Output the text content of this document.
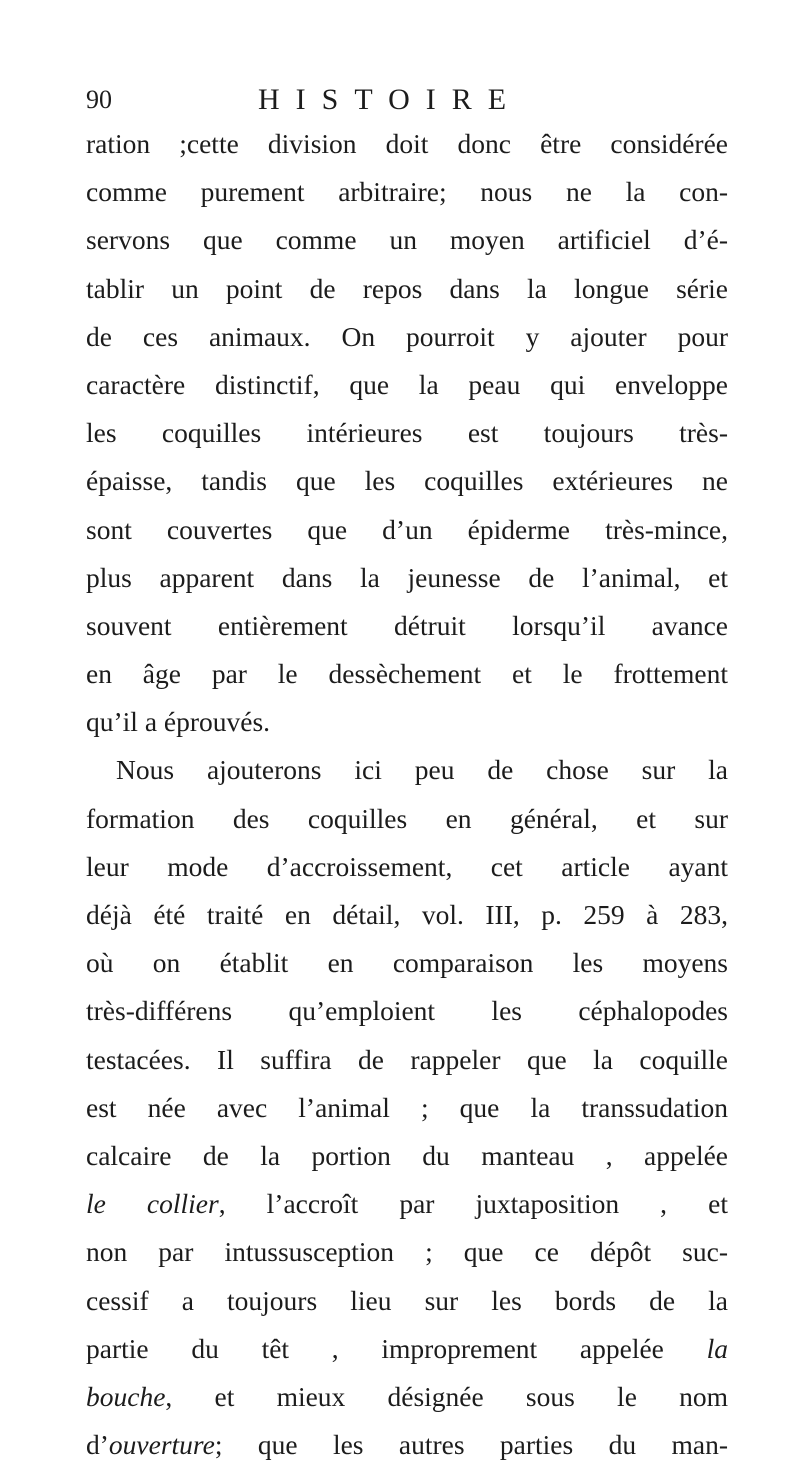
90	HISTOIRE
ration ;cette division doit donc être considérée
comme purement arbitraire; nous ne la con-
servons que comme un moyen artificiel d’é-
tablir un point de repos dans la longue série
de ces animaux. On pourroit y ajouter pour
caractère distinctif, que la peau qui enveloppe
les coquilles intérieures est toujours très-
épaisse, tandis que les coquilles extérieures ne
sont couvertes que d’un épiderme très-mince,
plus apparent dans la jeunesse de l’animal, et
souvent entièrement détruit lorsqu’il avance
en âge par le dessèchement et le frottement
qu’il a éprouvés.
Nous ajouterons ici peu de chose sur la
formation des coquilles en général, et sur
leur mode d’accroissement, cet article ayant
déjà été traité en détail, vol. III, p. 259 à 283,
où on établit en comparaison les moyens
très-différens qu’emploient les céphalopodes
testacées. Il suffira de rappeler que la coquille
est née avec l’animal ; que la transsudation
calcaire de la portion du manteau , appelée
le collier, l’accroît par juxtaposition , et
non par intussusception ; que ce dépôt suc-
cessif a toujours lieu sur les bords de la
partie du têt , improprement appelée la
bouche, et mieux désignée sous le nom
d’ouverture; que les autres parties du man-
